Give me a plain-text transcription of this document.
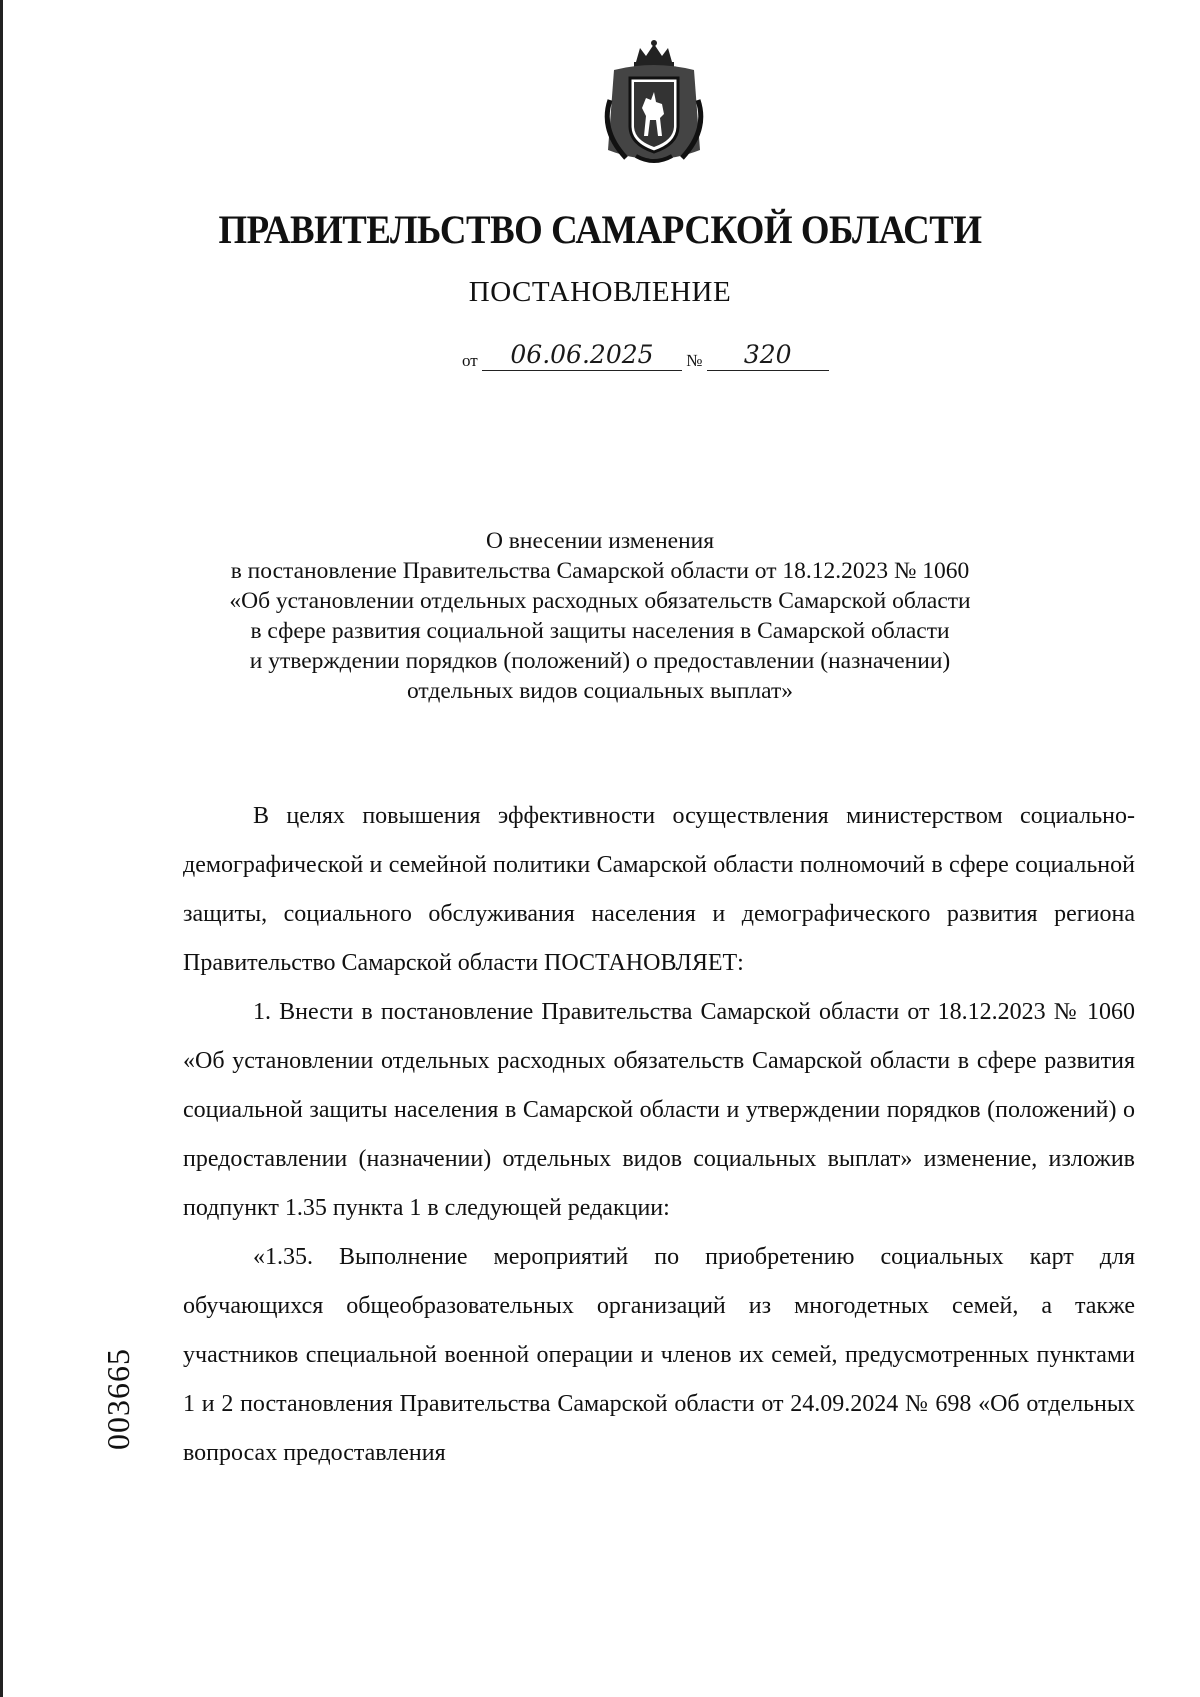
ПРАВИТЕЛЬСТВО САМАРСКОЙ ОБЛАСТИ
ПОСТАНОВЛЕНИЕ
от 06.06.2025 № 320
О внесении изменения
в постановление Правительства Самарской области от 18.12.2023 № 1060
«Об установлении отдельных расходных обязательств Самарской области
в сфере развития социальной защиты населения в Самарской области
и утверждении порядков (положений) о предоставлении (назначении)
отдельных видов социальных выплат»

В целях повышения эффективности осуществления министерством социально-демографической и семейной политики Самарской области полномочий в сфере социальной защиты, социального обслуживания населения и демографического развития региона Правительство Самарской области ПОСТАНОВЛЯЕТ:

1. Внести в постановление Правительства Самарской области от 18.12.2023 № 1060 «Об установлении отдельных расходных обязательств Самарской области в сфере развития социальной защиты населения в Самарской области и утверждении порядков (положений) о предоставлении (назначении) отдельных видов социальных выплат» изменение, изложив подпункт 1.35 пункта 1 в следующей редакции:

«1.35. Выполнение мероприятий по приобретению социальных карт для обучающихся общеобразовательных организаций из многодетных семей, а также участников специальной военной операции и членов их семей, предусмотренных пунктами 1 и 2 постановления Правительства Самарской области от 24.09.2024 № 698 «Об отдельных вопросах предоставления

003665
